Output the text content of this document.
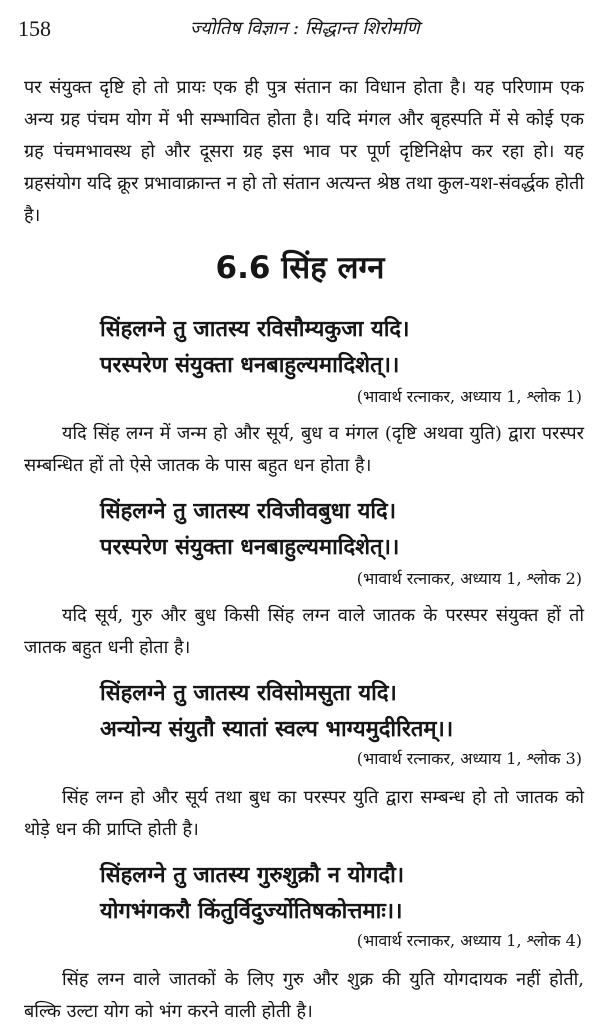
158	ज्योतिष विज्ञान : सिद्धान्त शिरोमणि

पर संयुक्त दृष्टि हो तो प्रायः एक ही पुत्र संतान का विधान होता है। यह परिणाम एक अन्य ग्रह पंचम योग में भी सम्भावित होता है। यदि मंगल और बृहस्पति में से कोई एक ग्रह पंचमभावस्थ हो और दूसरा ग्रह इस भाव पर पूर्ण दृष्टिनिक्षेप कर रहा हो। यह ग्रहसंयोग यदि क्रूर प्रभावाक्रान्त न हो तो संतान अत्यन्त श्रेष्ठ तथा कुल-यश-संवर्द्धक होती है।

6.6 सिंह लग्न
सिंहलग्ने तु जातस्य रविसौम्यकुजा यदि।
परस्परेण संयुक्ता धनबाहुल्यमादिशेत्।।
(भावार्थ रत्नाकर, अध्याय 1, श्लोक 1)

यदि सिंह लग्न में जन्म हो और सूर्य, बुध व मंगल (दृष्टि अथवा युति) द्वारा परस्पर सम्बन्धित हों तो ऐसे जातक के पास बहुत धन होता है।

सिंहलग्ने तु जातस्य रविजीवबुधा यदि।
परस्परेण संयुक्ता धनबाहुल्यमादिशेत्।।
(भावार्थ रत्नाकर, अध्याय 1, श्लोक 2)

यदि सूर्य, गुरु और बुध किसी सिंह लग्न वाले जातक के परस्पर संयुक्त हों तो जातक बहुत धनी होता है।

सिंहलग्ने तु जातस्य रविसोमसुता यदि।
अन्योन्य संयुतौ स्यातां स्वल्प भाग्यमुदीरितम्।।
(भावार्थ रत्नाकर, अध्याय 1, श्लोक 3)

सिंह लग्न हो और सूर्य तथा बुध का परस्पर युति द्वारा सम्बन्ध हो तो जातक को थोड़े धन की प्राप्ति होती है।

सिंहलग्ने तु जातस्य गुरुशुक्रौ न योगदौ।
योगभंगकरौ किंतुर्विदुर्ज्योतिषकोत्तमाः।।
(भावार्थ रत्नाकर, अध्याय 1, श्लोक 4)

सिंह लग्न वाले जातकों के लिए गुरु और शुक्र की युति योगदायक नहीं होती, बल्कि उल्टा योग को भंग करने वाली होती है।
